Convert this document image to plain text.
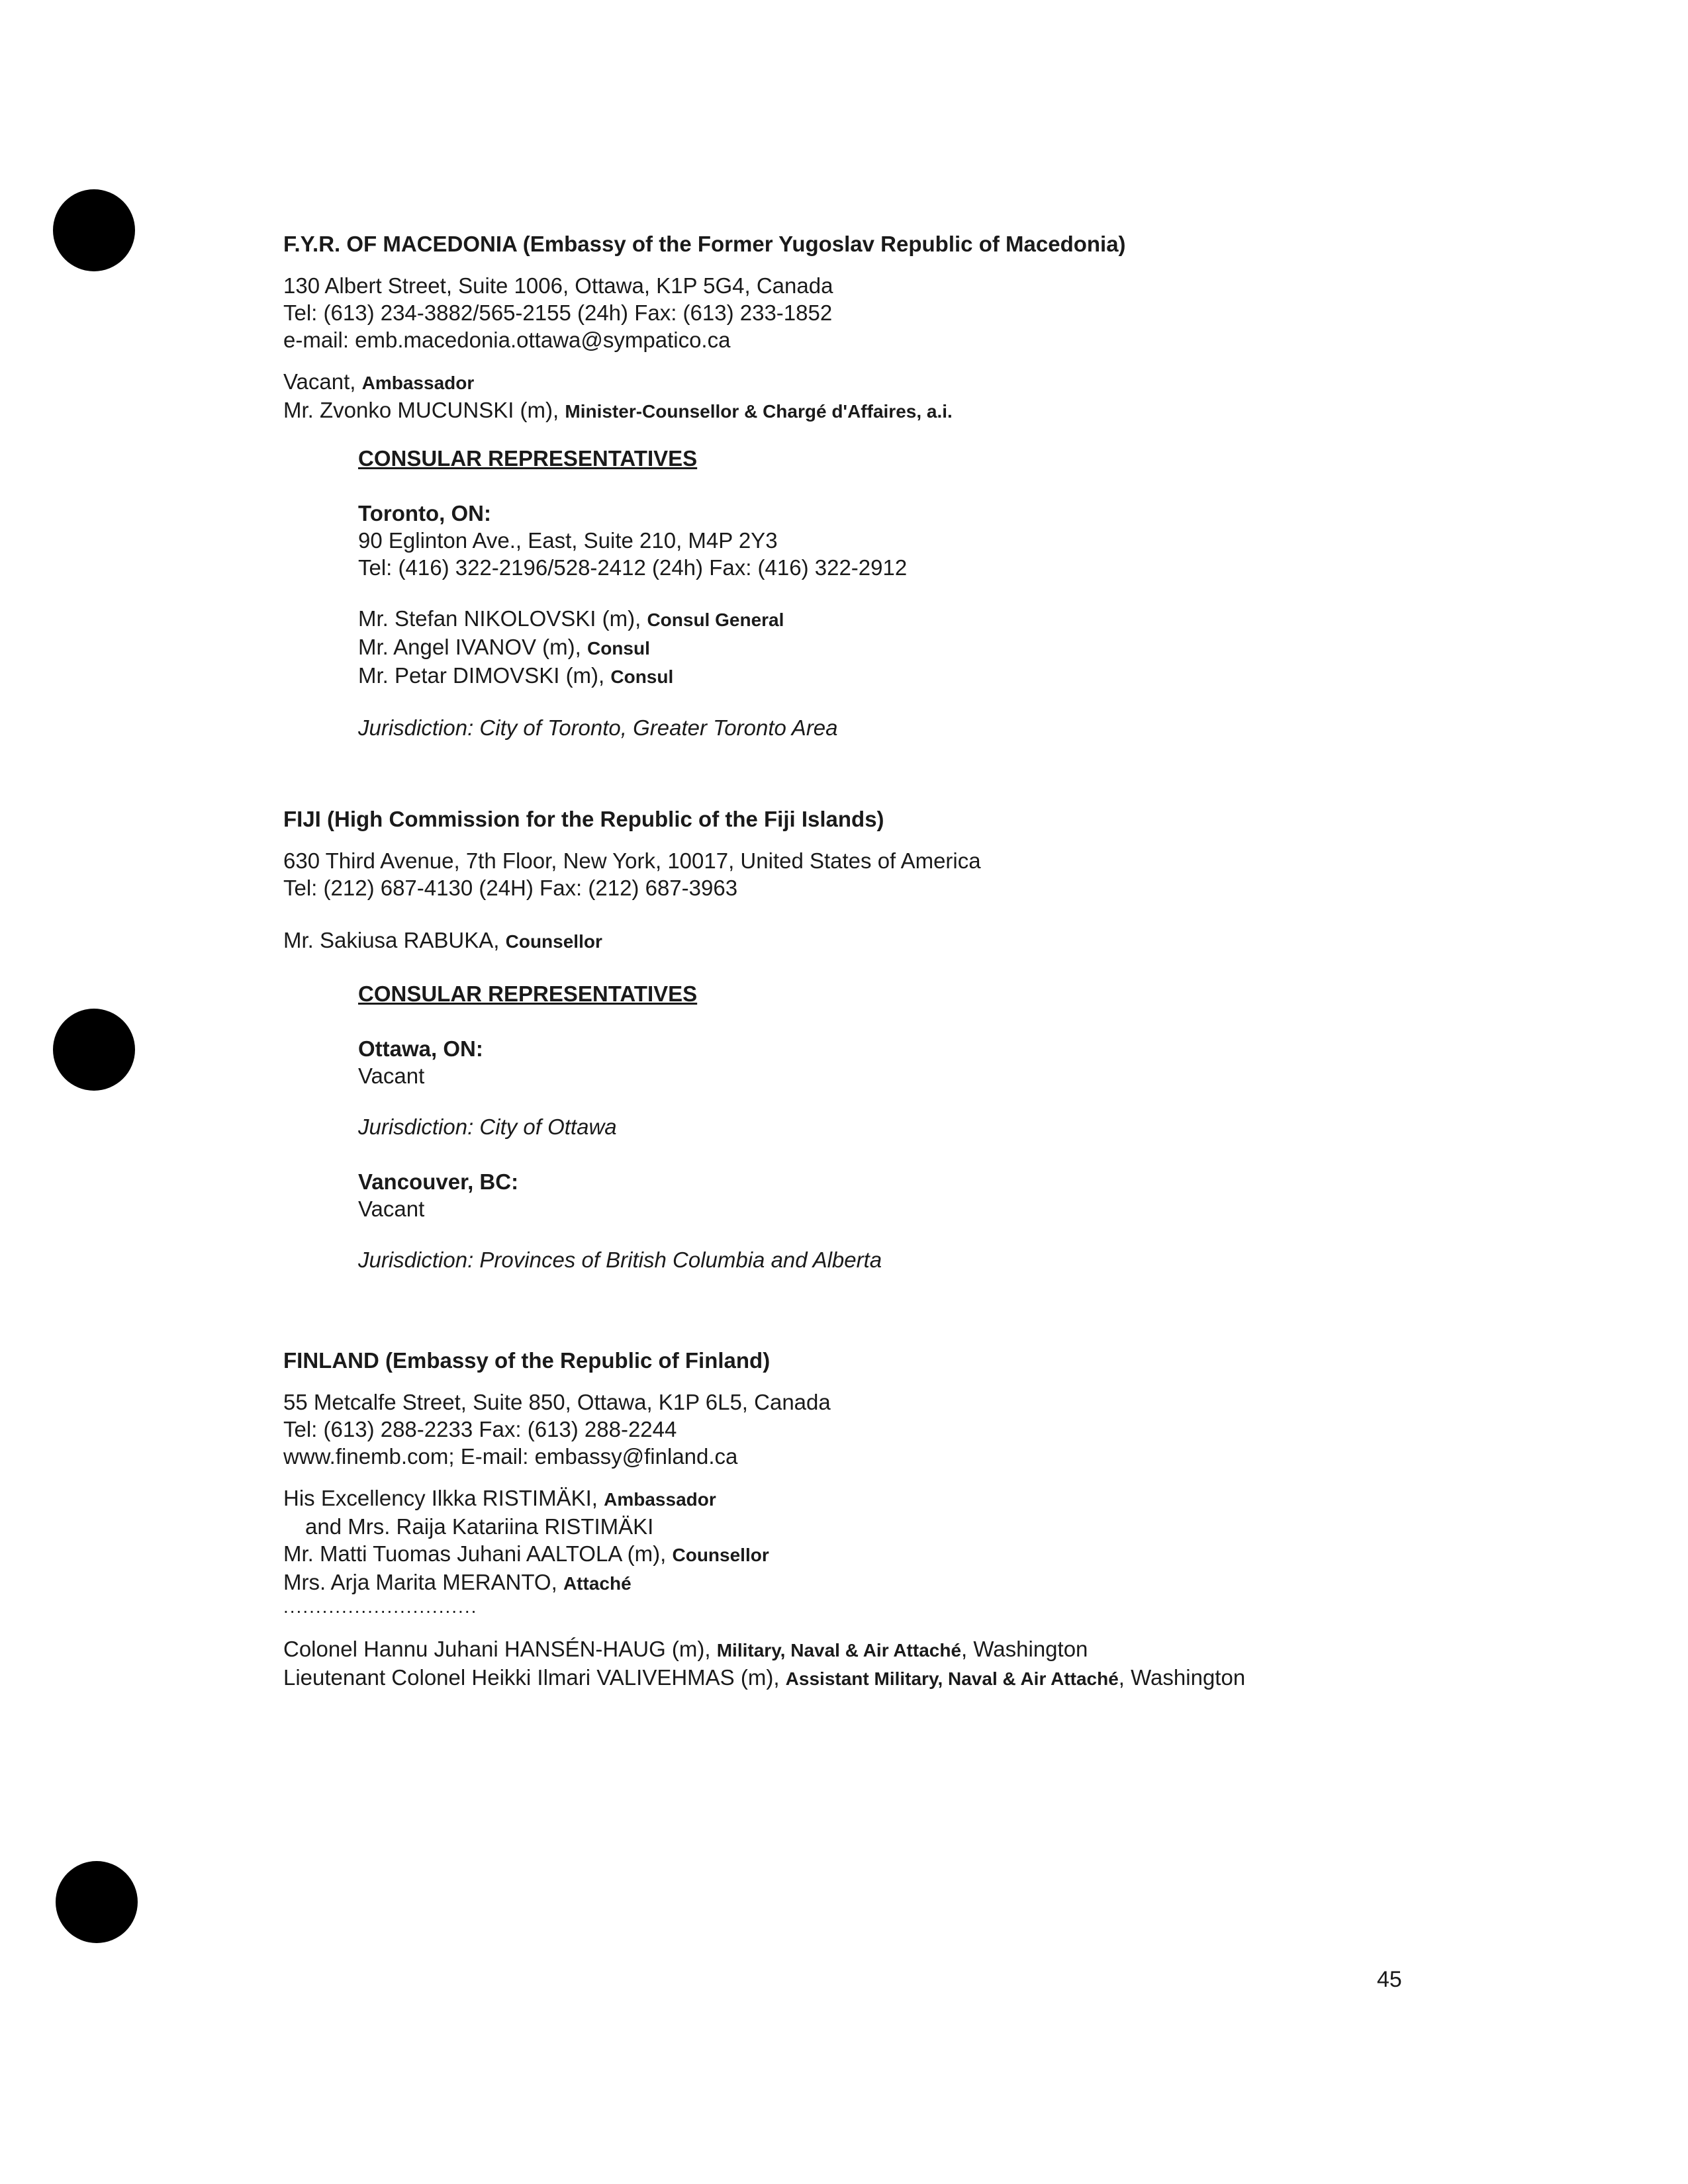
F.Y.R. OF MACEDONIA (Embassy of the Former Yugoslav Republic of Macedonia)

130 Albert Street, Suite 1006, Ottawa, K1P 5G4, Canada

Tel: (613) 234-3882/565-2155 (24h) Fax: (613) 233-1852

e-mail: emb.macedonia.ottawa@sympatico.ca

Vacant, Ambassador

Mr. Zvonko MUCUNSKI (m), Minister-Counsellor & Chargé d'Affaires, a.i.

CONSULAR REPRESENTATIVES

Toronto, ON:

90 Eglinton Ave., East, Suite 210, M4P 2Y3

Tel: (416) 322-2196/528-2412 (24h) Fax: (416) 322-2912

Mr. Stefan NIKOLOVSKI (m), Consul General

Mr. Angel IVANOV (m), Consul

Mr. Petar DIMOVSKI (m), Consul

Jurisdiction: City of Toronto, Greater Toronto Area

FIJI (High Commission for the Republic of the Fiji Islands)

630 Third Avenue, 7th Floor, New York, 10017, United States of America

Tel: (212) 687-4130 (24H) Fax: (212) 687-3963

Mr. Sakiusa RABUKA, Counsellor

CONSULAR REPRESENTATIVES

Ottawa, ON:

Vacant

Jurisdiction: City of Ottawa

Vancouver, BC:

Vacant

Jurisdiction: Provinces of British Columbia and Alberta

FINLAND (Embassy of the Republic of Finland)

55 Metcalfe Street, Suite 850, Ottawa, K1P 6L5, Canada

Tel: (613) 288-2233 Fax: (613) 288-2244

www.finemb.com; E-mail: embassy@finland.ca

His Excellency Ilkka RISTIMÄKI, Ambassador

and Mrs. Raija Katariina RISTIMÄKI

Mr. Matti Tuomas Juhani AALTOLA (m), Counsellor

Mrs. Arja Marita MERANTO, Attaché

..............................

Colonel Hannu Juhani HANSÉN-HAUG (m), Military, Naval & Air Attaché, Washington

Lieutenant Colonel Heikki Ilmari VALIVEHMAS (m), Assistant Military, Naval & Air Attaché, Washington

45
